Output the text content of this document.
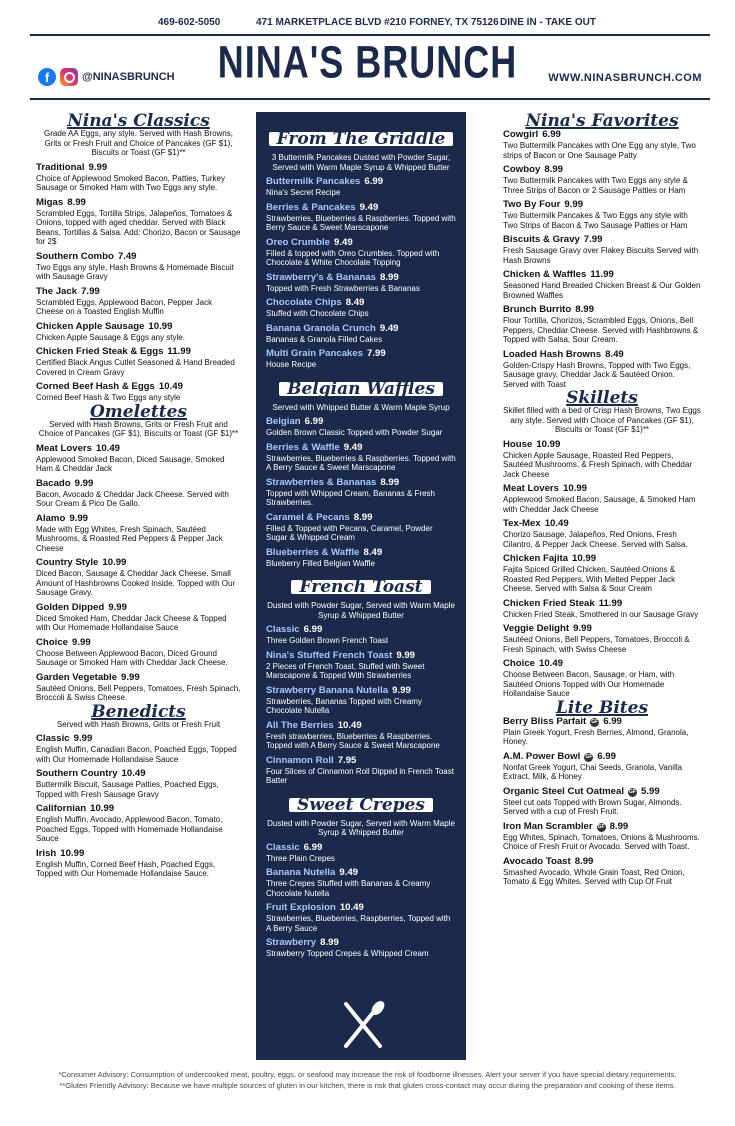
469-602-5050	471 MARKETPLACE BLVD #210 FORNEY, TX 75126 DINE IN - TAKE OUT
NINA'S BRUNCH
f	@NINASBRUNCH	WWW.NINASBRUNCH.COM
Nina's Classics
Grade AA Eggs, any style. Served with Hash Browns, Grits or Fresh Fruit and Choice of Pancakes (GF $1), Biscuits or Toast (GF $1)**
Traditional 9.99
Choice of Applewood Smoked Bacon, Patties, Turkey Sausage or Smoked Ham with Two Eggs any style.
Migas 8.99
Scrambled Eggs, Tortilla Strips, Jalapeños, Tomatoes & Onions, topped with aged cheddar. Served with Black Beans, Tortillas & Salsa. Add: Chorizo, Bacon or Sausage for 2$
Southern Combo 7.49
Two Eggs any style, Hash Browns & Homemade Biscuit with Sausage Gravy
The Jack 7.99
Scrambled Eggs, Applewood Bacon, Pepper Jack Cheese on a Toasted English Muffin
Chicken Apple Sausage 10.99
Chicken Apple Sausage & Eggs any style.
Chicken Fried Steak & Eggs 11.99
Certified Black Angus Cutlet Seasoned & Hand Breaded Covered in Cream Gravy
Corned Beef Hash & Eggs 10.49
Corned Beef Hash & Two Eggs any style
Omelettes
Served with Hash Browns, Grits or Fresh Fruit and Choice of Pancakes (GF $1), Biscuits or Toast (GF $1)**
Meat Lovers 10.49
Applewood Smoked Bacon, Diced Sausage, Smoked Ham & Cheddar Jack
Bacado 9.99
Bacon, Avocado & Cheddar Jack Cheese. Served with Sour Cream & Pico De Gallo.
Alamo 9.99
Made with Egg Whites, Fresh Spinach, Sautéed Mushrooms, & Roasted Red Peppers & Pepper Jack Cheese
Country Style 10.99
Diced Bacon, Sausage & Cheddar Jack Cheese. Small Amount of Hashbrowns Cooked Inside. Topped with Our Sausage Gravy.
Golden Dipped 9.99
Diced Smoked Ham, Cheddar Jack Cheese & Topped with Our Homemade Hollandaise Sauce
Choice 9.99
Choose Between Applewood Bacon, Diced Ground Sausage or Smoked Ham with Cheddar Jack Cheese.
Garden Vegetable 9.99
Sautéed Onions, Bell Peppers, Tomatoes, Fresh Spinach, Broccoli & Swiss Cheese.
Benedicts
Served with Hash Browns, Grits or Fresh Fruit
Classic 9.99
English Muffin, Canadian Bacon, Poached Eggs, Topped with Our Homemade Hollandaise Sauce
Southern Country 10.49
Buttermilk Biscuit, Sausage Patties, Poached Eggs, Topped with Fresh Sausage Gravy
Californian 10.99
English Muffin, Avocado, Applewood Bacon, Tomato, Poached Eggs, Topped with Homemade Hollandaise Sauce
Irish 10.99
English Muffin, Corned Beef Hash, Poached Eggs, Topped with Our Homemade Hollandaise Sauce.
From The Griddle
3 Buttermilk Pancakes Dusted with Powder Sugar, Served with Warm Maple Syrup & Whipped Butter
Buttermilk Pancakes 6.99
Nina's Secret Recipe
Berries & Pancakes 9.49
Strawberries, Blueberries & Raspberries. Topped with Berry Sauce & Sweet Marscapone
Oreo Crumble 9.49
Filled & topped with Oreo Crumbles. Topped with Chocolate & White Chocolate Topping
Strawberry's & Bananas 8.99
Topped with Fresh Strawberries & Bananas
Chocolate Chips 8.49
Stuffed with Chocolate Chips
Banana Granola Crunch 9.49
Bananas & Granola Filled Cakes
Multi Grain Pancakes 7.99
House Recipe
Belgian Waffles
Served with Whipped Butter & Warm Maple Syrup
Belgian 6.99
Golden Brown Classic Topped with Powder Sugar
Berries & Waffle 9.49
Strawberries, Blueberries & Raspberries. Topped with A Berry Sauce & Sweet Marscapone
Strawberries & Bananas 8.99
Topped with Whipped Cream, Bananas & Fresh Strawberries.
Caramel & Pecans 8.99
Filled & Topped with Pecans, Caramel, Powder Sugar & Whipped Cream
Blueberries & Waffle 8.49
Blueberry Filled Belgian Waffle
French Toast
Dusted with Powder Sugar, Served with Warm Maple Syrup & Whipped Butter
Classic 6.99
Three Golden Brown French Toast
Nina's Stuffed French Toast 9.99
2 Pieces of French Toast, Stuffed with Sweet Marscapone & Topped With Strawberries
Strawberry Banana Nutella 9.99
Strawberries, Bananas Topped with Creamy Chocolate Nutella
All The Berries 10.49
Fresh strawberries, Blueberries & Raspberries. Topped with A Berry Sauce & Sweet Marscapone
Cinnamon Roll 7.95
Four Slices of Cinnamon Roll Dipped in French Toast Batter
Sweet Crepes
Dusted with Powder Sugar, Served with Warm Maple Syrup & Whipped Butter
Classic 6.99
Three Plain Crepes
Banana Nutella 9.49
Three Crepes Stuffed with Bananas & Creamy Chocolate Nutella
Fruit Explosion 10.49
Strawberries, Blueberries, Raspberries, Topped with A Berry Sauce
Strawberry 8.99
Strawberry Topped Crepes & Whipped Cream
Nina's Favorites
Cowgirl 6.99
Two Buttermilk Pancakes with One Egg any style, Two strips of Bacon or One Sausage Patty
Cowboy 8.99
Two Buttermilk Pancakes with Two Eggs any style & Three Strips of Bacon or 2 Sausage Patties or Ham
Two By Four 9.99
Two Buttermilk Pancakes & Two Eggs any style with Two Strips of Bacon & Two Sausage Patties or Ham
Biscuits & Gravy 7.99
Fresh Sausage Gravy over Flakey Biscuits Served with Hash Browns
Chicken & Waffles 11.99
Seasoned Hand Breaded Chicken Breast & Our Golden Browned Waffles
Brunch Burrito 8.99
Flour Tortilla, Chorizos, Scrambled Eggs, Onions, Bell Peppers, Cheddar Cheese. Served with Hashbrowns & Topped with Salsa, Sour Cream.
Loaded Hash Browns 8.49
Golden-Crispy Hash Browns, Topped with Two Eggs, Sausage gravy, Cheddar Jack & Sautéed Onion. Served with Toast
Skillets
Skillet filled with a bed of Crisp Hash Browns, Two Eggs any style. Served with Choice of Pancakes (GF $1), Biscuits or Toast (GF $1)**
House 10.99
Chicken Apple Sausage, Roasted Red Peppers, Sautéed Mushrooms, & Fresh Spinach, with Cheddar Jack Cheese
Meat Lovers 10.99
Applewood Smoked Bacon, Sausage, & Smoked Ham with Cheddar Jack Cheese
Tex-Mex 10.49
Chorizo Sausage, Jalapeños, Red Onions, Fresh Cilantro, & Pepper Jack Cheese. Served with Salsa.
Chicken Fajita 10.99
Fajita Spiced Grilled Chicken, Sautéed Onions & Roasted Red Peppers, With Melted Pepper Jack Cheese. Served with Salsa & Sour Cream
Chicken Fried Steak 11.99
Chicken Fried Steak, Smothered in our Sausage Gravy
Veggie Delight 9.99
Sautéed Onions, Bell Peppers, Tomatoes, Broccoli & Fresh Spinach, with Swiss Cheese
Choice 10.49
Choose Between Bacon, Sausage, or Ham, with Sautéed Onions Topped with Our Homemade Hollandaise Sauce
Lite Bites
Berry Bliss Parfait GF 6.99
Plain Greek Yogurt, Fresh Berries, Almond, Granola, Honey.
A.M. Power Bowl GF 6.99
Nonfat Greek Yogurt, Chai Seeds, Granola, Vanilla Extract, Milk, & Honey
Organic Steel Cut Oatmeal GF 5.99
Steel cut oats Topped with Brown Sugar, Almonds. Served with a cup of Fresh Fruit.
Iron Man Scrambler GF 8.99
Egg Whites, Spinach, Tomatoes, Onions & Mushrooms. Choice of Fresh Fruit or Avocado. Served with Toast.
Avocado Toast 8.99
Smashed Avocado, Whole Grain Toast, Red Onion, Tomato & Egg Whites. Served with Cup Of Fruit
*Consumer Advisory: Consumption of undercooked meat, poultry, eggs, or seafood may increase the risk of foodborne illnesses. Alert your server if you have special dietary requirements.
**Gluten Friendly Advisory: Because we have multiple sources of gluten in our kitchen, there is risk that gluten cross-contact may occur during the preparation and cooking of these items.
